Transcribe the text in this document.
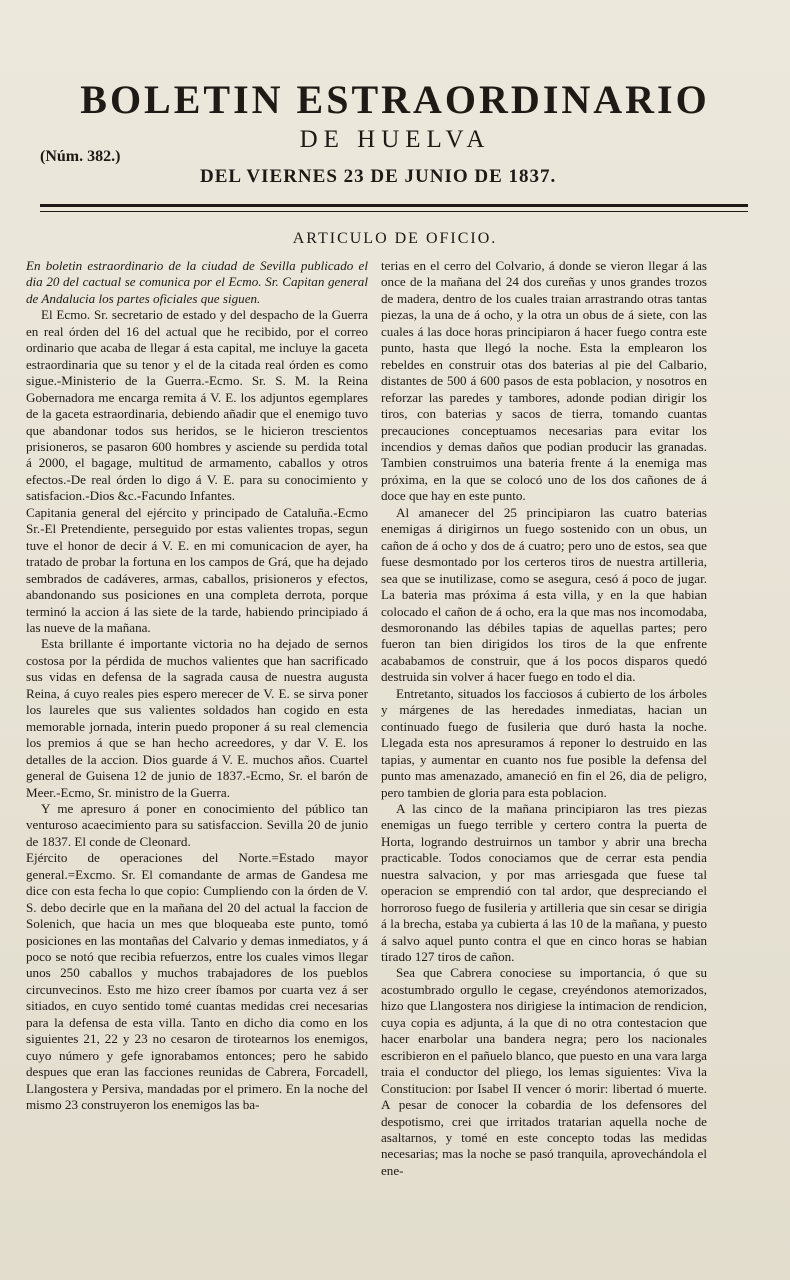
BOLETIN ESTRAORDINARIO
DE HUELVA
(Núm. 382.)
DEL VIERNES 23 DE JUNIO DE 1837.
ARTICULO DE OFICIO.

En boletin estraordinario de la ciudad de Sevilla publicado el dia 20 del cactual se comunica por el Ecmo. Sr. Capitan general de Andalucia los partes oficiales que siguen.

El Ecmo. Sr. secretario de estado y del despacho de la Guerra en real órden del 16 del actual que he recibido, por el correo ordinario que acaba de llegar á esta capital, me incluye la gaceta estraordinaria que su tenor y el de la citada real órden es como sigue.-Ministerio de la Guerra.-Ecmo. Sr. S. M. la Reina Gobernadora me encarga remita á V. E. los adjuntos egemplares de la gaceta estraordinaria, debiendo añadir que el enemigo tuvo que abandonar todos sus heridos, se le hicieron trescientos prisioneros, se pasaron 600 hombres y asciende su perdida total á 2000, el bagage, multitud de armamento, caballos y otros efectos.-De real órden lo digo á V. E. para su conocimiento y satisfacion.-Dios &c.-Facundo Infantes.

Capitania general del ejército y principado de Cataluña.-Ecmo Sr.-El Pretendiente, perseguido por estas valientes tropas, segun tuve el honor de decir á V. E. en mi comunicacion de ayer, ha tratado de probar la fortuna en los campos de Grá, que ha dejado sembrados de cadáveres, armas, caballos, prisioneros y efectos, abandonando sus posiciones en una completa derrota, porque terminó la accion á las siete de la tarde, habiendo principiado á las nueve de la mañana.

Esta brillante é importante victoria no ha dejado de sernos costosa por la pérdida de muchos valientes que han sacrificado sus vidas en defensa de la sagrada causa de nuestra augusta Reina, á cuyo reales pies espero merecer de V. E. se sirva poner los laureles que sus valientes soldados han cogido en esta memorable jornada, interin puedo proponer á su real clemencia los premios á que se han hecho acreedores, y dar V. E. los detalles de la accion. Dios guarde á V. E. muchos años. Cuartel general de Guisena 12 de junio de 1837.-Ecmo, Sr. el barón de Meer.-Ecmo, Sr. ministro de la Guerra.

Y me apresuro á poner en conocimiento del público tan venturoso acaecimiento para su satisfaccion. Sevilla 20 de junio de 1837. El conde de Cleonard.

Ejército de operaciones del Norte.=Estado mayor general.=Excmo. Sr. El comandante de armas de Gandesa me dice con esta fecha lo que copio: Cumpliendo con la órden de V. S. debo decirle que en la mañana del 20 del actual la faccion de Solenich, que hacia un mes que bloqueaba este punto, tomó posiciones en las montañas del Calvario y demas inmediatos, y á poco se notó que recibia refuerzos, entre los cuales vimos llegar unos 250 caballos y muchos trabajadores de los pueblos circunvecinos. Esto me hizo creer íbamos por cuarta vez á ser sitiados, en cuyo sentido tomé cuantas medidas crei necesarias para la defensa de esta villa. Tanto en dicho dia como en los siguientes 21, 22 y 23 no cesaron de tirotearnos los enemigos, cuyo número y gefe ignorabamos entonces; pero he sabido despues que eran las facciones reunidas de Cabrera, Forcadell, Llangostera y Persiva, mandadas por el primero. En la noche del mismo 23 construyeron los enemigos las ba-

terias en el cerro del Colvario, á donde se vieron llegar á las once de la mañana del 24 dos cureñas y unos grandes trozos de madera, dentro de los cuales traian arrastrando otras tantas piezas, la una de á ocho, y la otra un obus de á siete, con las cuales á las doce horas principiaron á hacer fuego contra este punto, hasta que llegó la noche. Esta la emplearon los rebeldes en construir otas dos baterias al pie del Calbario, distantes de 500 á 600 pasos de esta poblacion, y nosotros en reforzar las paredes y tambores, adonde podian dirigir los tiros, con baterias y sacos de tierra, tomando cuantas precauciones conceptuamos necesarias para evitar los incendios y demas daños que podian producir las granadas. Tambien construimos una bateria frente á la enemiga mas próxima, en la que se colocó uno de los dos cañones de á doce que hay en este punto.

Al amanecer del 25 principiaron las cuatro baterias enemigas á dirigirnos un fuego sostenido con un obus, un cañon de á ocho y dos de á cuatro; pero uno de estos, sea que fuese desmontado por los certeros tiros de nuestra artilleria, sea que se inutilizase, como se asegura, cesó á poco de jugar. La bateria mas próxima á esta villa, y en la que habian colocado el cañon de á ocho, era la que mas nos incomodaba, desmoronando las débiles tapias de aquellas partes; pero fueron tan bien dirigidos los tiros de la que enfrente acababamos de construir, que á los pocos disparos quedó destruida sin volver á hacer fuego en todo el dia.

Entretanto, situados los facciosos á cubierto de los árboles y márgenes de las heredades inmediatas, hacian un continuado fuego de fusileria que duró hasta la noche. Llegada esta nos apresuramos á reponer lo destruido en las tapias, y aumentar en cuanto nos fue posible la defensa del punto mas amenazado, amaneció en fin el 26, dia de peligro, pero tambien de gloria para esta poblacion.

A las cinco de la mañana principiaron las tres piezas enemigas un fuego terrible y certero contra la puerta de Horta, logrando destruirnos un tambor y abrir una brecha practicable. Todos conociamos que de cerrar esta pendia nuestra salvacion, y por mas arriesgada que fuese tal operacion se emprendió con tal ardor, que despreciando el horroroso fuego de fusileria y artilleria que sin cesar se dirigia á la brecha, estaba ya cubierta á las 10 de la mañana, y puesto á salvo aquel punto contra el que en cinco horas se habian tirado 127 tiros de cañon.

Sea que Cabrera conociese su importancia, ó que su acostumbrado orgullo le cegase, creyéndonos atemorizados, hizo que Llangostera nos dirigiese la intimacion de rendicion, cuya copia es adjunta, á la que di no otra contestacion que hacer enarbolar una bandera negra; pero los nacionales escribieron en el pañuelo blanco, que puesto en una vara larga traia el conductor del pliego, los lemas siguientes: Viva la Constitucion: por Isabel II vencer ó morir: libertad ó muerte. A pesar de conocer la cobardia de los defensores del despotismo, crei que irritados tratarian aquella noche de asaltarnos, y tomé en este concepto todas las medidas necesarias; mas la noche se pasó tranquila, aprovechándola el ene-
